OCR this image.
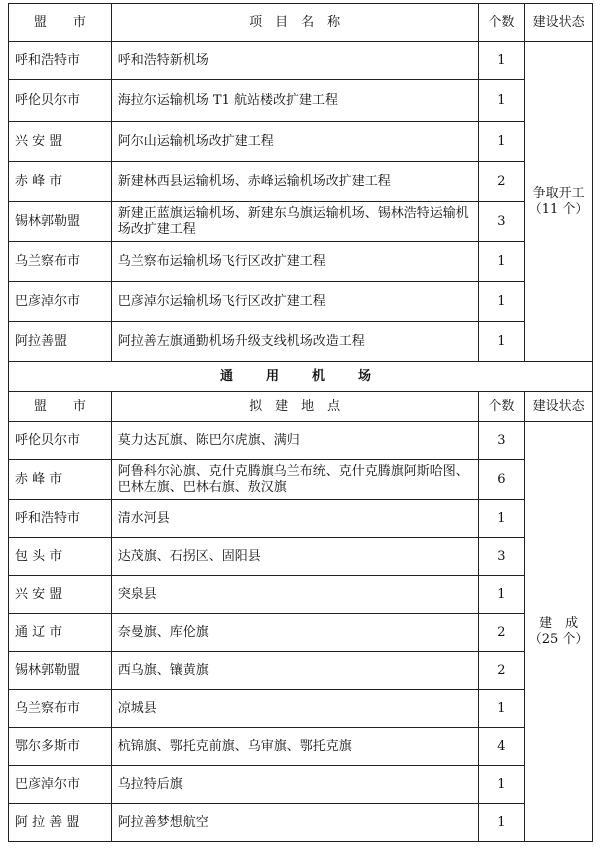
盟　　市	项　目　名　称	个数	建设状态
呼和浩特市	呼和浩特新机场	1	争取开工
（11 个）

呼伦贝尔市	海拉尔运输机场 T1 航站楼改扩建工程	1	
兴 安 盟	阿尔山运输机场改扩建工程	1	
赤 峰 市	新建林西县运输机场、赤峰运输机场改扩建工程	2	
锡林郭勒盟	新建正蓝旗运输机场、新建东乌旗运输机场、锡林浩特运输机场改扩建工程	3	
乌兰察布市	乌兰察布运输机场飞行区改扩建工程	1	
巴彦淖尔市	巴彦淖尔运输机场飞行区改扩建工程	1	
阿拉善盟	阿拉善左旗通勤机场升级支线机场改造工程	1	
通　用　机　场			
盟　　市	拟　建　地　点	个数	建设状态
呼伦贝尔市	莫力达瓦旗、陈巴尔虎旗、满归	3	建　成
（25 个）

赤 峰 市	阿鲁科尔沁旗、克什克腾旗乌兰布统、克什克腾旗阿斯哈图、巴林左旗、巴林右旗、敖汉旗	6	
呼和浩特市	清水河县	1	
包 头 市	达茂旗、石拐区、固阳县	3	
兴 安 盟	突泉县	1	
通 辽 市	奈曼旗、库伦旗	2	
锡林郭勒盟	西乌旗、镶黄旗	2	
乌兰察布市	凉城县	1	
鄂尔多斯市	杭锦旗、鄂托克前旗、乌审旗、鄂托克旗	4	
巴彦淖尔市	乌拉特后旗	1	
阿 拉 善 盟	阿拉善梦想航空	1	
